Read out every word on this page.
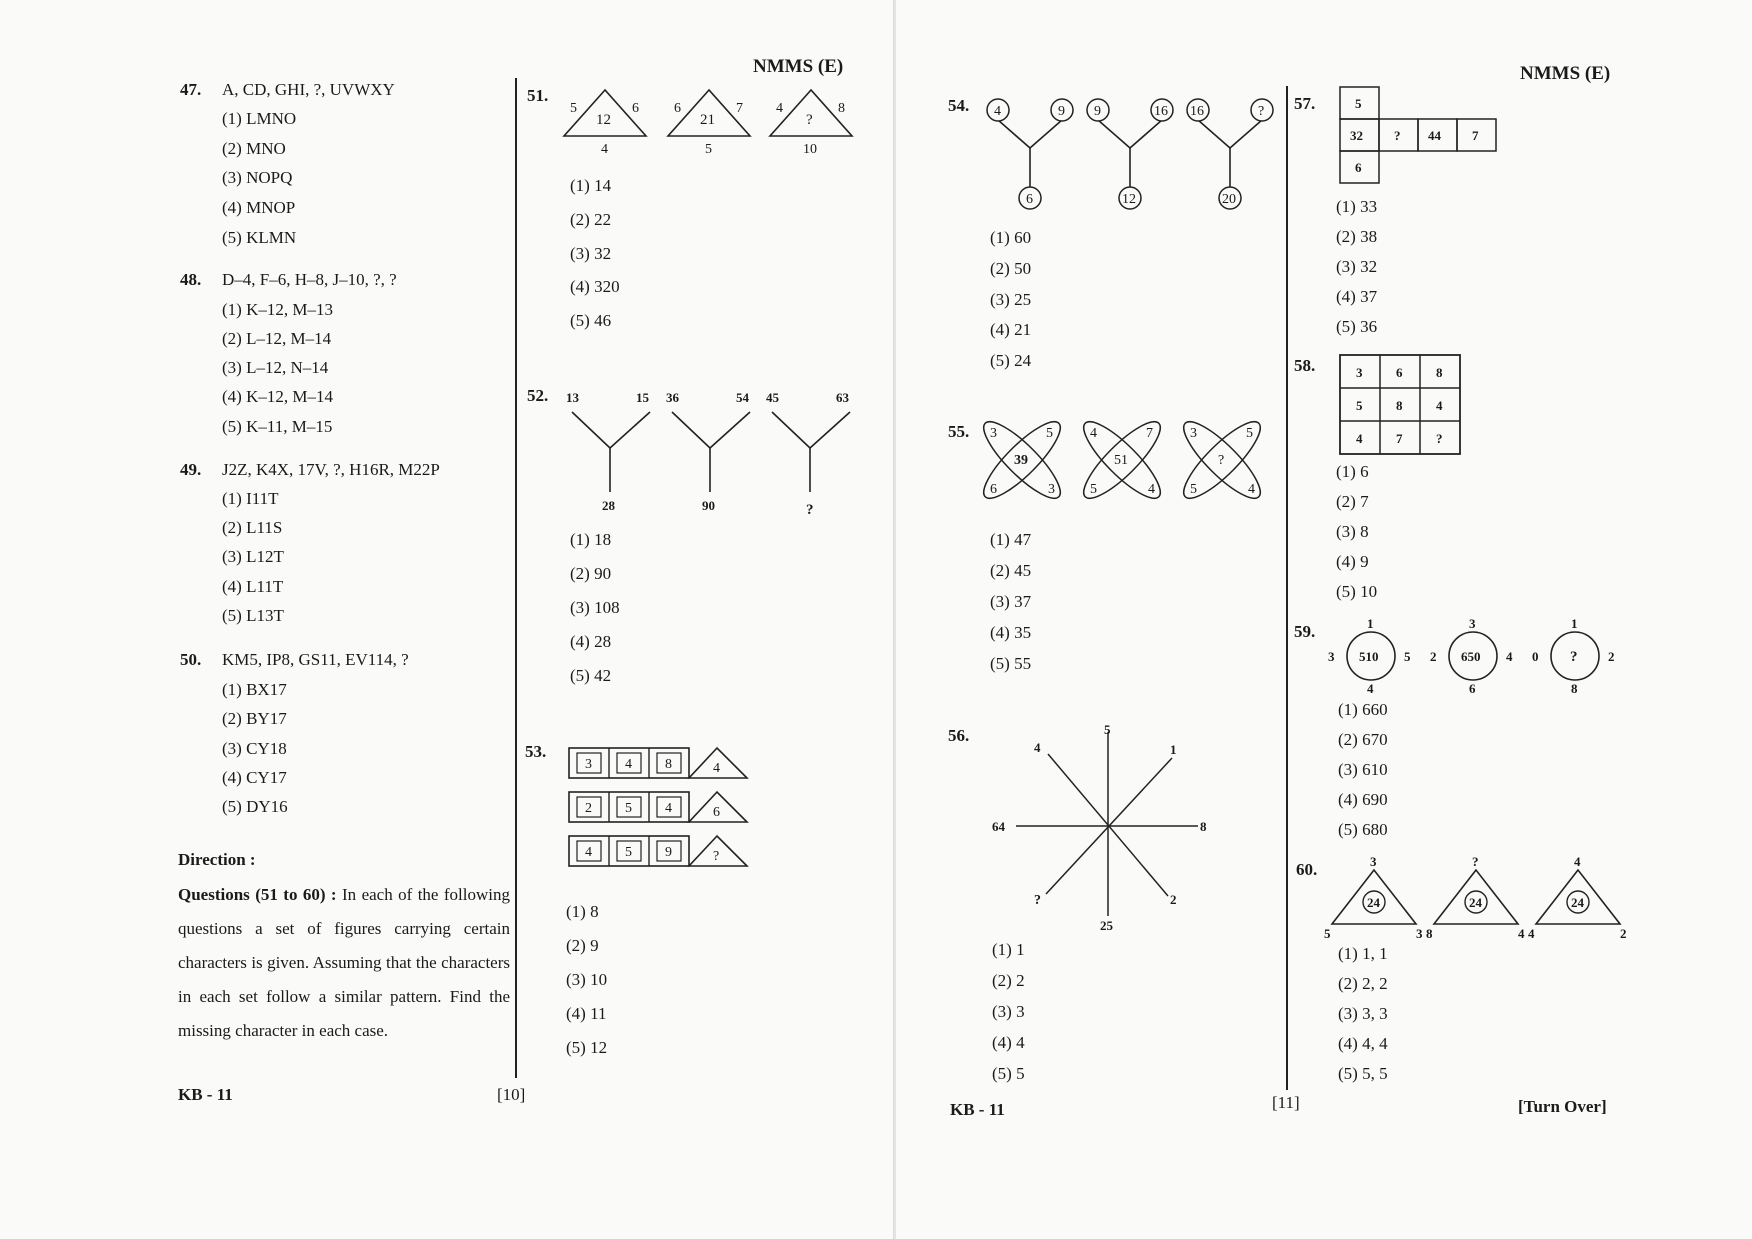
NMMS (E)
47. A, CD, GHI, ?, UVWXY
(1) LMNO
(2) MNO
(3) NOPQ
(4) MNOP
(5) KLMN
48. D–4, F–6, H–8, J–10, ?, ?
(1) K–12, M–13
(2) L–12, M–14
(3) L–12, N–14
(4) K–12, M–14
(5) K–11, M–15
49. J2Z, K4X, 17V, ?, H16R, M22P
(1) I11T
(2) L11S
(3) L12T
(4) L11T
(5) L13T
50. KM5, IP8, GS11, EV114, ?
(1) BX17
(2) BY17
(3) CY18
(4) CY17
(5) DY16
Direction :
Questions (51 to 60) : In each of the following questions a set of figures carrying certain characters is given. Assuming that the characters in each set follow a similar pattern. Find the missing character in each case.
KB - 11	[10]
51.
5
12
6
4
6
21
7
5
4
?
8
10
(1) 14
(2) 22
(3) 32
(4) 320
(5) 46
52. 13	15
28
36	54
90
45	63
?
(1) 18
(2) 90
(3) 108
(4) 28
(5) 42
53.
3 4 8	4
2 5 4	6
4 5 9	?
(1) 8
(2) 9
(3) 10
(4) 11
(5) 12
NMMS (E)
54. 4	9
6
9	16
12
16	?
20
(1) 60
(2) 50
(3) 25
(4) 21
(5) 24
55. 3	5
39
6	3
4	7
51
5	4
3	5
?
5	4
(1) 47
(2) 45
(3) 37
(4) 35
(5) 55
56.	5
1
8
2
25
?
64
4
(1) 1
(2) 2
(3) 3
(4) 4
(5) 5
KB - 11	[11]	[Turn Over]
57.	5
32 ? 44 7
6
(1) 33
(2) 38
(3) 32
(4) 37
(5) 36
58.	3	6	8
5	8	4
4	7	?
(1) 6
(2) 7
(3) 8
(4) 9
(5) 10
59.	1
3 510 5
4
3
2 650 4
6
1
0 ? 2
8
(1) 660
(2) 670
(3) 610
(4) 690
(5) 680
60.	3
24
5	3
?
24
8	4
4
24
4	2
(1) 1, 1
(2) 2, 2
(3) 3, 3
(4) 4, 4
(5) 5, 5
